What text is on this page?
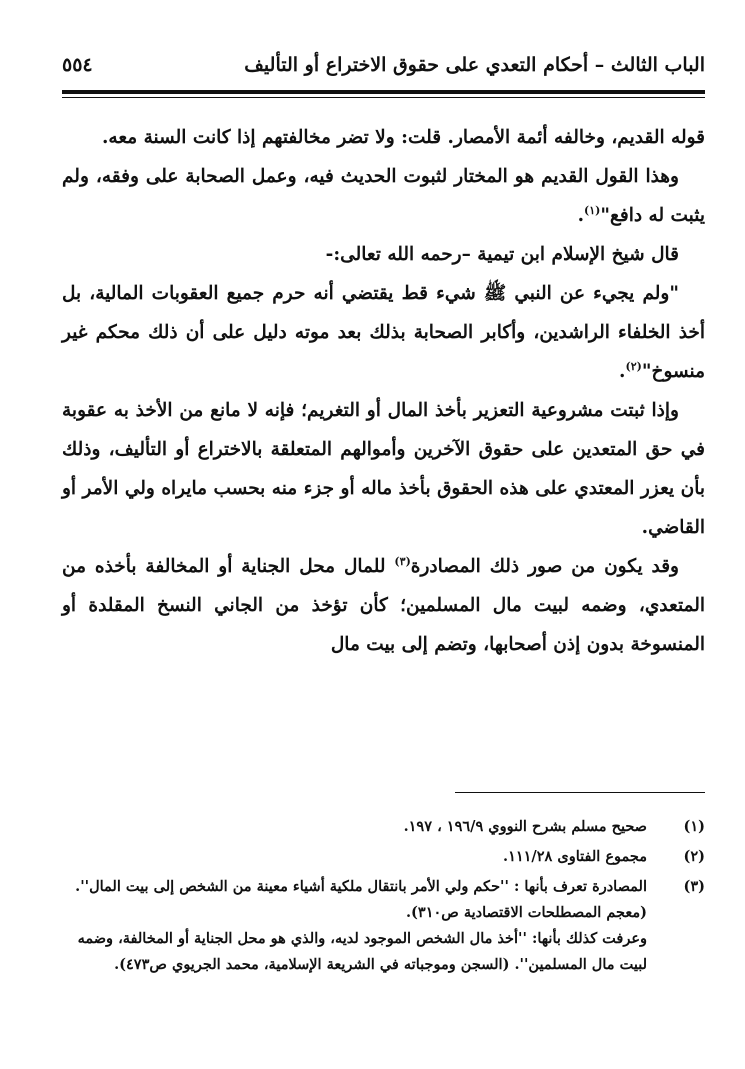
الباب الثالث – أحكام التعدي على حقوق الاختراع أو التأليف
٥٥٤

قوله القديم، وخالفه أئمة الأمصار. قلت: ولا تضر مخالفتهم إذا كانت السنة معه.

وهذا القول القديم هو المختار لثبوت الحديث فيه، وعمل الصحابة على وفقه، ولم يثبت له دافع"$^{(١)}$.

قال شيخ الإسلام ابن تيمية –رحمه الله تعالى:-

"ولم يجيء عن النبي ﷺ شيء قط يقتضي أنه حرم جميع العقوبات المالية، بل أخذ الخلفاء الراشدين، وأكابر الصحابة بذلك بعد موته دليل على أن ذلك محكم غير منسوخ"$^{(٢)}$.

وإذا ثبتت مشروعية التعزير بأخذ المال أو التغريم؛ فإنه لا مانع من الأخذ به عقوبة في حق المتعدين على حقوق الآخرين وأموالهم المتعلقة بالاختراع أو التأليف، وذلك بأن يعزر المعتدي على هذه الحقوق بأخذ ماله أو جزء منه بحسب مايراه ولي الأمر أو القاضي.

وقد يكون من صور ذلك المصادرة$^{(٣)}$ للمال محل الجناية أو المخالفة بأخذه من المتعدي، وضمه لبيت مال المسلمين؛ كأن تؤخذ من الجاني النسخ المقلدة أو المنسوخة بدون إذن أصحابها، وتضم إلى بيت مال

(١)
صحيح مسلم بشرح النووي ١٩٦/٩ ، ١٩٧.
(٢)
مجموع الفتاوى ١١١/٢٨.
(٣)
المصادرة تعرف بأنها : ''حكم ولي الأمر بانتقال ملكية أشياء معينة من الشخص إلى بيت المال''. (معجم المصطلحات الاقتصادية ص٣١٠).
وعرفت كذلك بأنها: ''أخذ مال الشخص الموجود لديه، والذي هو محل الجناية أو المخالفة، وضمه لبيت مال المسلمين''. (السجن وموجباته في الشريعة الإسلامية، محمد الجريوي ص٤٧٣).
